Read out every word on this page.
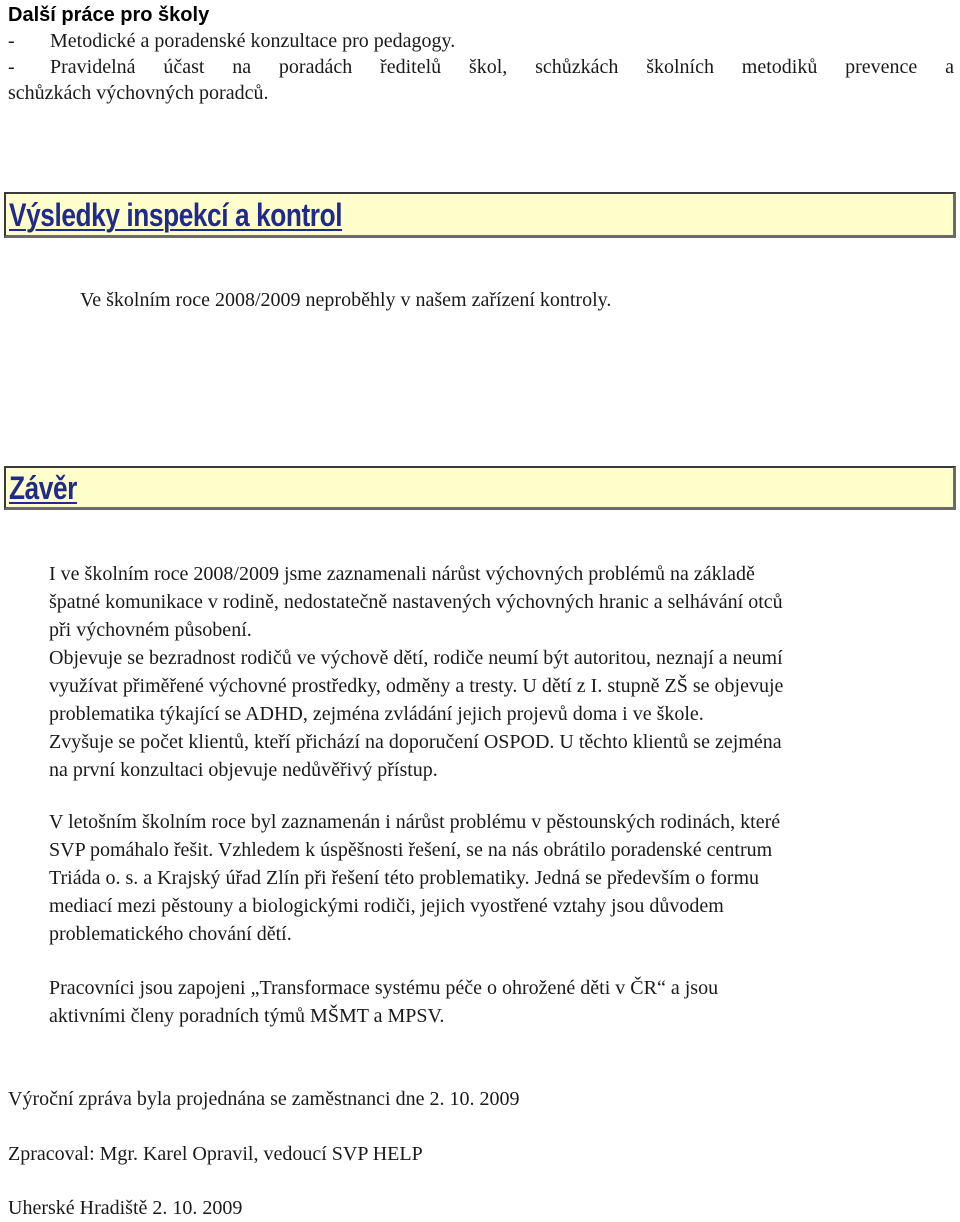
Další práce pro školy
- Metodické a poradenské konzultace pro pedagogy.
-	Pravidelná účast na poradách ředitelů škol, schůzkách školních metodiků prevence a
schůzkách výchovných poradců.
Výsledky inspekcí a kontrol
Ve školním roce 2008/2009 neproběhly v našem zařízení kontroly.
Závěr
I ve školním roce 2008/2009 jsme zaznamenali nárůst výchovných problémů na základě
špatné komunikace v rodině, nedostatečně nastavených výchovných hranic a selhávání otců
při výchovném působení.
Objevuje se bezradnost rodičů ve výchově dětí, rodiče neumí být autoritou, neznají a neumí
využívat přiměřené výchovné prostředky, odměny a tresty. U dětí z I. stupně ZŠ se objevuje
problematika týkající se ADHD, zejména zvládání jejich projevů doma i ve škole.
Zvyšuje se počet klientů, kteří přichází na doporučení OSPOD. U těchto klientů se zejména
na první konzultaci objevuje nedůvěřivý přístup.
V letošním školním roce byl zaznamenán i nárůst problému v pěstounských rodinách, které
SVP pomáhalo řešit. Vzhledem k úspěšnosti řešení, se na nás obrátilo poradenské centrum
Triáda o. s. a Krajský úřad Zlín při řešení této problematiky. Jedná se především o formu
mediací mezi pěstouny a biologickými rodiči, jejich vyostřené vztahy jsou důvodem
problematického chování dětí.
Pracovníci jsou zapojeni „Transformace systému péče o ohrožené děti v ČR“ a jsou
aktivními členy poradních týmů MŠMT a MPSV.
Výroční zpráva byla projednána se zaměstnanci dne 2. 10. 2009
Zpracoval: Mgr. Karel Opravil, vedoucí SVP HELP
Uherské Hradiště 2. 10. 2009
